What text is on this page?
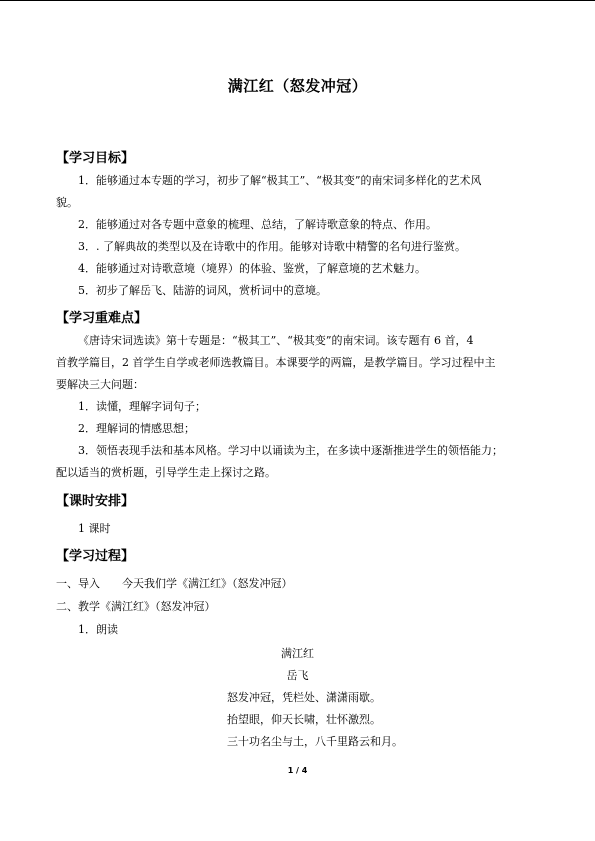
满江红（怒发冲冠）
【学习目标】
1．能够通过本专题的学习，初步了解“极其工”、“极其变”的南宋词多样化的艺术风
貌。
2．能够通过对各专题中意象的梳理、总结，了解诗歌意象的特点、作用。
3．. 了解典故的类型以及在诗歌中的作用。能够对诗歌中精警的名句进行鉴赏。
4．能够通过对诗歌意境（境界）的体验、鉴赏，了解意境的艺术魅力。
5．初步了解岳飞、陆游的词风，赏析词中的意境。
【学习重难点】
《唐诗宋词选读》第十专题是：“极其工”、“极其变”的南宋词。该专题有 6 首，4
首教学篇目，2 首学生自学或老师选教篇目。本课要学的两篇，是教学篇目。学习过程中主
要解决三大问题：
1．读懂，理解字词句子；
2．理解词的情感思想；
3．领悟表现手法和基本风格。学习中以诵读为主，在多读中逐渐推进学生的领悟能力；
配以适当的赏析题，引导学生走上探讨之路。
【课时安排】
1 课时
【学习过程】
一、导入　　今天我们学《满江红》（怒发冲冠）
二、教学《满江红》（怒发冲冠）
1．朗读
满江红
岳飞
怒发冲冠，凭栏处、潇潇雨歇。
抬望眼，仰天长啸，壮怀激烈。
三十功名尘与土，八千里路云和月。
1 / 4
